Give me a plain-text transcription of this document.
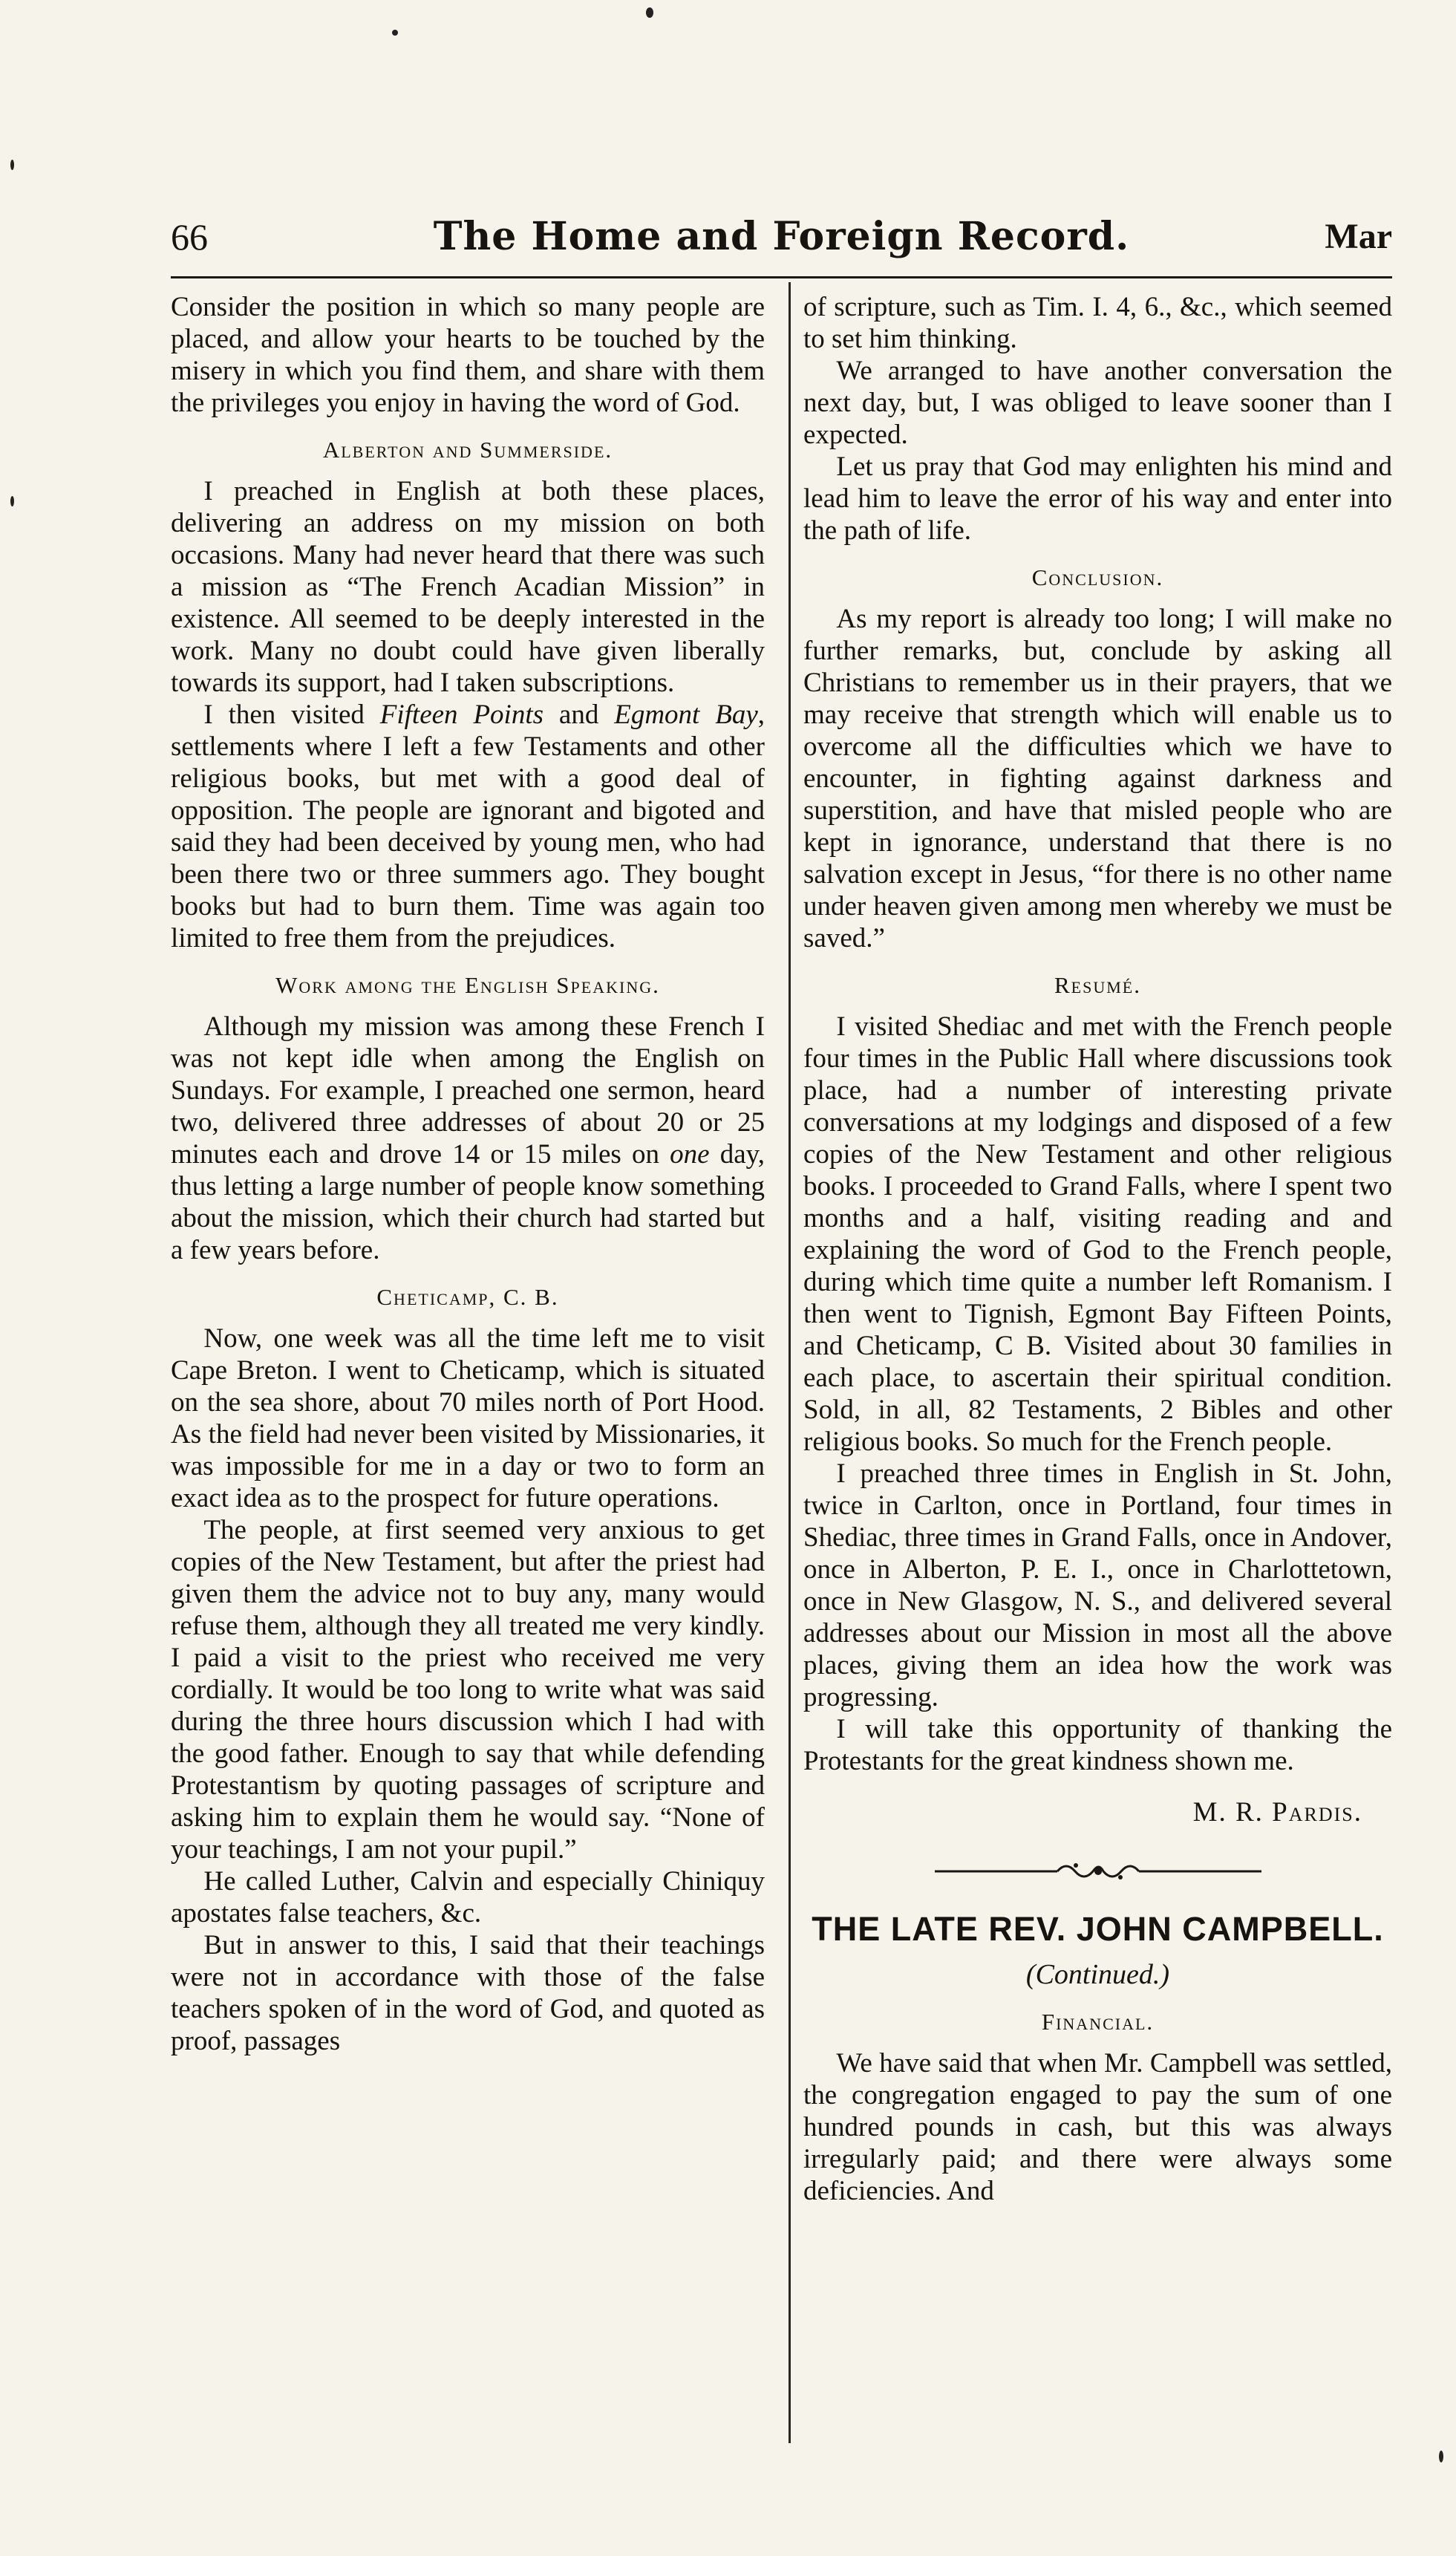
66	The Home and Foreign Record.	Mar

Consider the position in which so many people are placed, and allow your hearts to be touched by the misery in which you find them, and share with them the privileges you enjoy in having the word of God.

Alberton and Summerside.

I preached in English at both these places, delivering an address on my mission on both occasions. Many had never heard that there was such a mission as “The French Acadian Mission” in existence. All seemed to be deeply interested in the work. Many no doubt could have given liberally towards its support, had I taken subscriptions.

I then visited Fifteen Points and Egmont Bay, settlements where I left a few Testaments and other religious books, but met with a good deal of opposition. The people are ignorant and bigoted and said they had been deceived by young men, who had been there two or three summers ago. They bought books but had to burn them. Time was again too limited to free them from the prejudices.

Work among the English Speaking.

Although my mission was among these French I was not kept idle when among the English on Sundays. For example, I preached one sermon, heard two, delivered three addresses of about 20 or 25 minutes each and drove 14 or 15 miles on one day, thus letting a large number of people know something about the mission, which their church had started but a few years before.

Cheticamp, C. B.

Now, one week was all the time left me to visit Cape Breton. I went to Cheticamp, which is situated on the sea shore, about 70 miles north of Port Hood. As the field had never been visited by Missionaries, it was impossible for me in a day or two to form an exact idea as to the prospect for future operations.

The people, at first seemed very anxious to get copies of the New Testament, but after the priest had given them the advice not to buy any, many would refuse them, although they all treated me very kindly. I paid a visit to the priest who received me very cordially. It would be too long to write what was said during the three hours discussion which I had with the good father. Enough to say that while defending Protestantism by quoting passages of scripture and asking him to explain them he would say. “None of your teachings, I am not your pupil.”

He called Luther, Calvin and especially Chiniquy apostates false teachers, &c.

But in answer to this, I said that their teachings were not in accordance with those of the false teachers spoken of in the word of God, and quoted as proof, passages

of scripture, such as Tim. I. 4, 6., &c., which seemed to set him thinking.

We arranged to have another conversation the next day, but, I was obliged to leave sooner than I expected.

Let us pray that God may enlighten his mind and lead him to leave the error of his way and enter into the path of life.

Conclusion.

As my report is already too long; I will make no further remarks, but, conclude by asking all Christians to remember us in their prayers, that we may receive that strength which will enable us to overcome all the difficulties which we have to encounter, in fighting against darkness and superstition, and have that misled people who are kept in ignorance, understand that there is no salvation except in Jesus, “for there is no other name under heaven given among men whereby we must be saved.”

Resumé.

I visited Shediac and met with the French people four times in the Public Hall where discussions took place, had a number of interesting private conversations at my lodgings and disposed of a few copies of the New Testament and other religious books. I proceeded to Grand Falls, where I spent two months and a half, visiting reading and and explaining the word of God to the French people, during which time quite a number left Romanism. I then went to Tignish, Egmont Bay Fifteen Points, and Cheticamp, C B. Visited about 30 families in each place, to ascertain their spiritual condition. Sold, in all, 82 Testaments, 2 Bibles and other religious books. So much for the French people.

I preached three times in English in St. John, twice in Carlton, once in Portland, four times in Shediac, three times in Grand Falls, once in Andover, once in Alberton, P. E. I., once in Charlottetown, once in New Glasgow, N. S., and delivered several addresses about our Mission in most all the above places, giving them an idea how the work was progressing.

I will take this opportunity of thanking the Protestants for the great kindness shown me.

M. R. Pardis.
THE LATE REV. JOHN CAMPBELL.
(Continued.)
Financial.

We have said that when Mr. Campbell was settled, the congregation engaged to pay the sum of one hundred pounds in cash, but this was always irregularly paid; and there were always some deficiencies. And
